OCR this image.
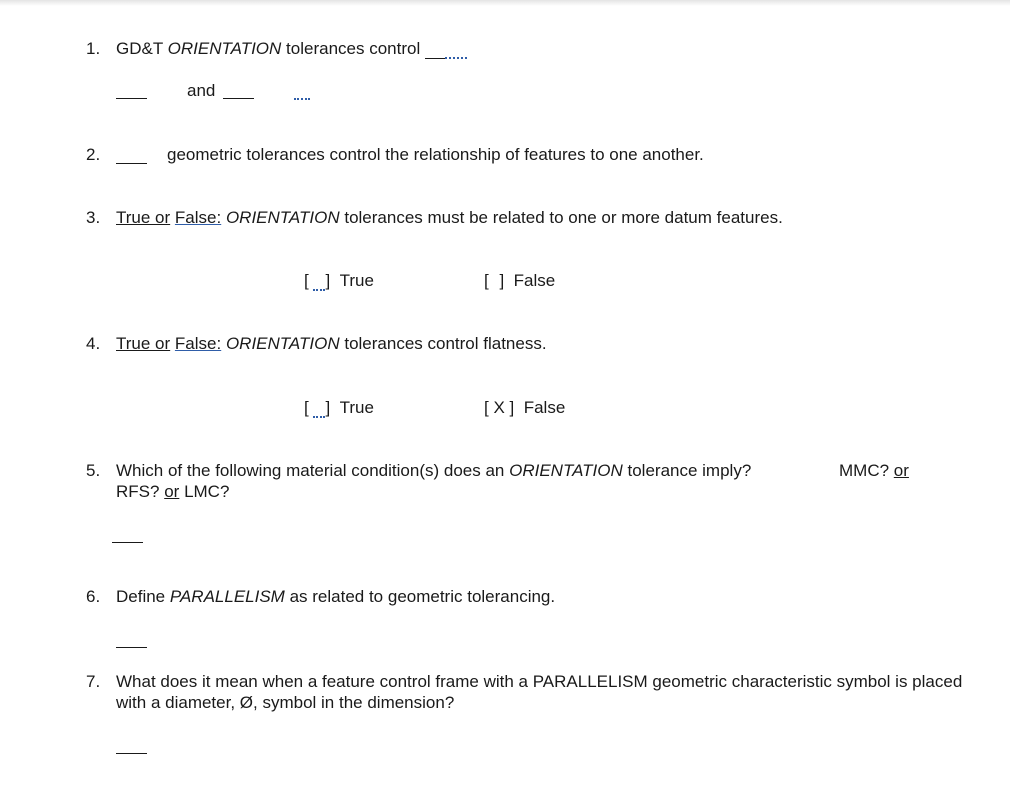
1. GD&T ORIENTATION tolerances control
and
2.	geometric tolerances control the relationship of features to one another.
3. True or False: ORIENTATION tolerances must be related to one or more datum features.
[ ]  True	[ ]  False
4. True or False: ORIENTATION tolerances control flatness.
[ ]  True	[ X ]  False
5. Which of the following material condition(s) does an ORIENTATION tolerance imply?	MMC? or
RFS? or LMC?
6. Define PARALLELISM as related to geometric tolerancing.
7. What does it mean when a feature control frame with a PARALLELISM geometric characteristic symbol is placed with a diameter, Ø, symbol in the dimension?
